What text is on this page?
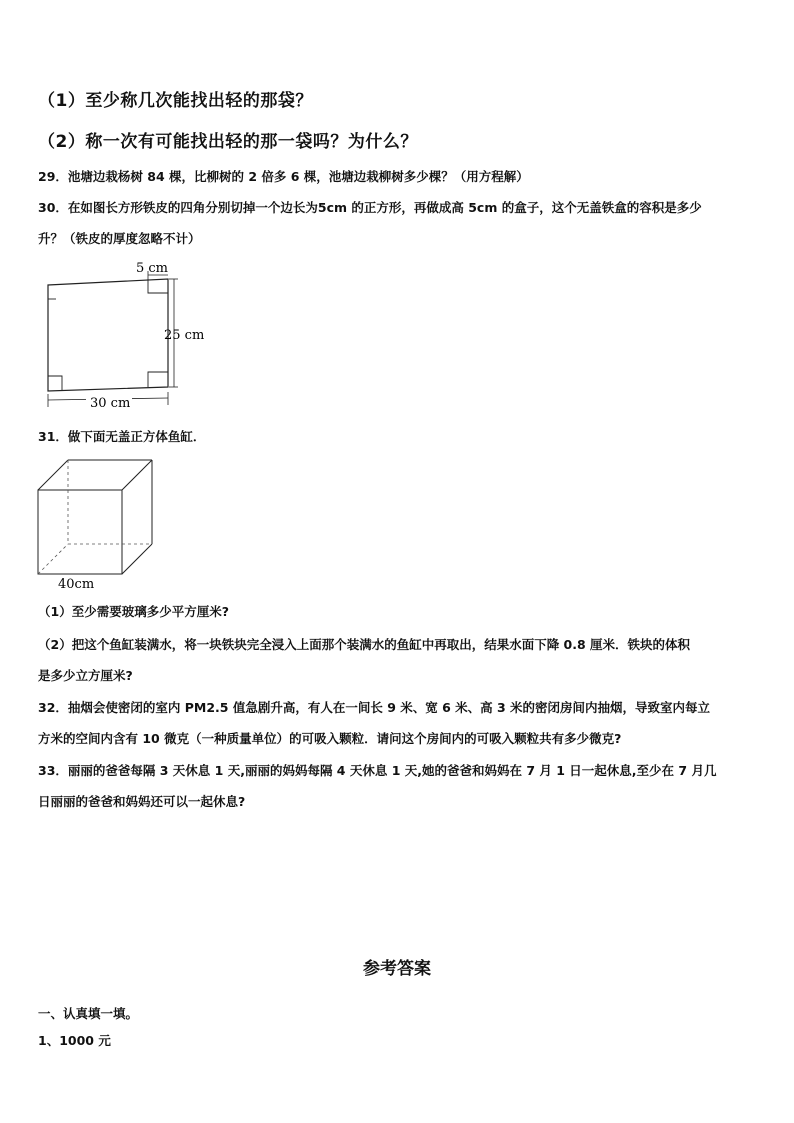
（1）至少称几次能找出轻的那袋？
（2）称一次有可能找出轻的那一袋吗？为什么？
29．池塘边栽杨树 84 棵，比柳树的 2 倍多 6 棵，池塘边栽柳树多少棵？（用方程解）
30．在如图长方形铁皮的四角分别切掉一个边长为5cm 的正方形，再做成高 5cm 的盒子，这个无盖铁盒的容积是多少
升？（铁皮的厚度忽略不计）
5 cm
25 cm
30 cm
31．做下面无盖正方体鱼缸．
40cm
（1）至少需要玻璃多少平方厘米?
（2）把这个鱼缸装满水，将一块铁块完全浸入上面那个装满水的鱼缸中再取出，结果水面下降 0.8 厘米．铁块的体积
是多少立方厘米?
32．抽烟会使密闭的室内 PM2.5 值急剧升高，有人在一间长 9 米、宽 6 米、高 3 米的密闭房间内抽烟，导致室内每立
方米的空间内含有 10 微克（一种质量单位）的可吸入颗粒．请问这个房间内的可吸入颗粒共有多少微克?
33．丽丽的爸爸每隔 3 天休息 1 天,丽丽的妈妈每隔 4 天休息 1 天,她的爸爸和妈妈在 7 月 1 日一起休息,至少在 7 月几
日丽丽的爸爸和妈妈还可以一起休息?
参考答案
一、认真填一填。
1、1000 元
